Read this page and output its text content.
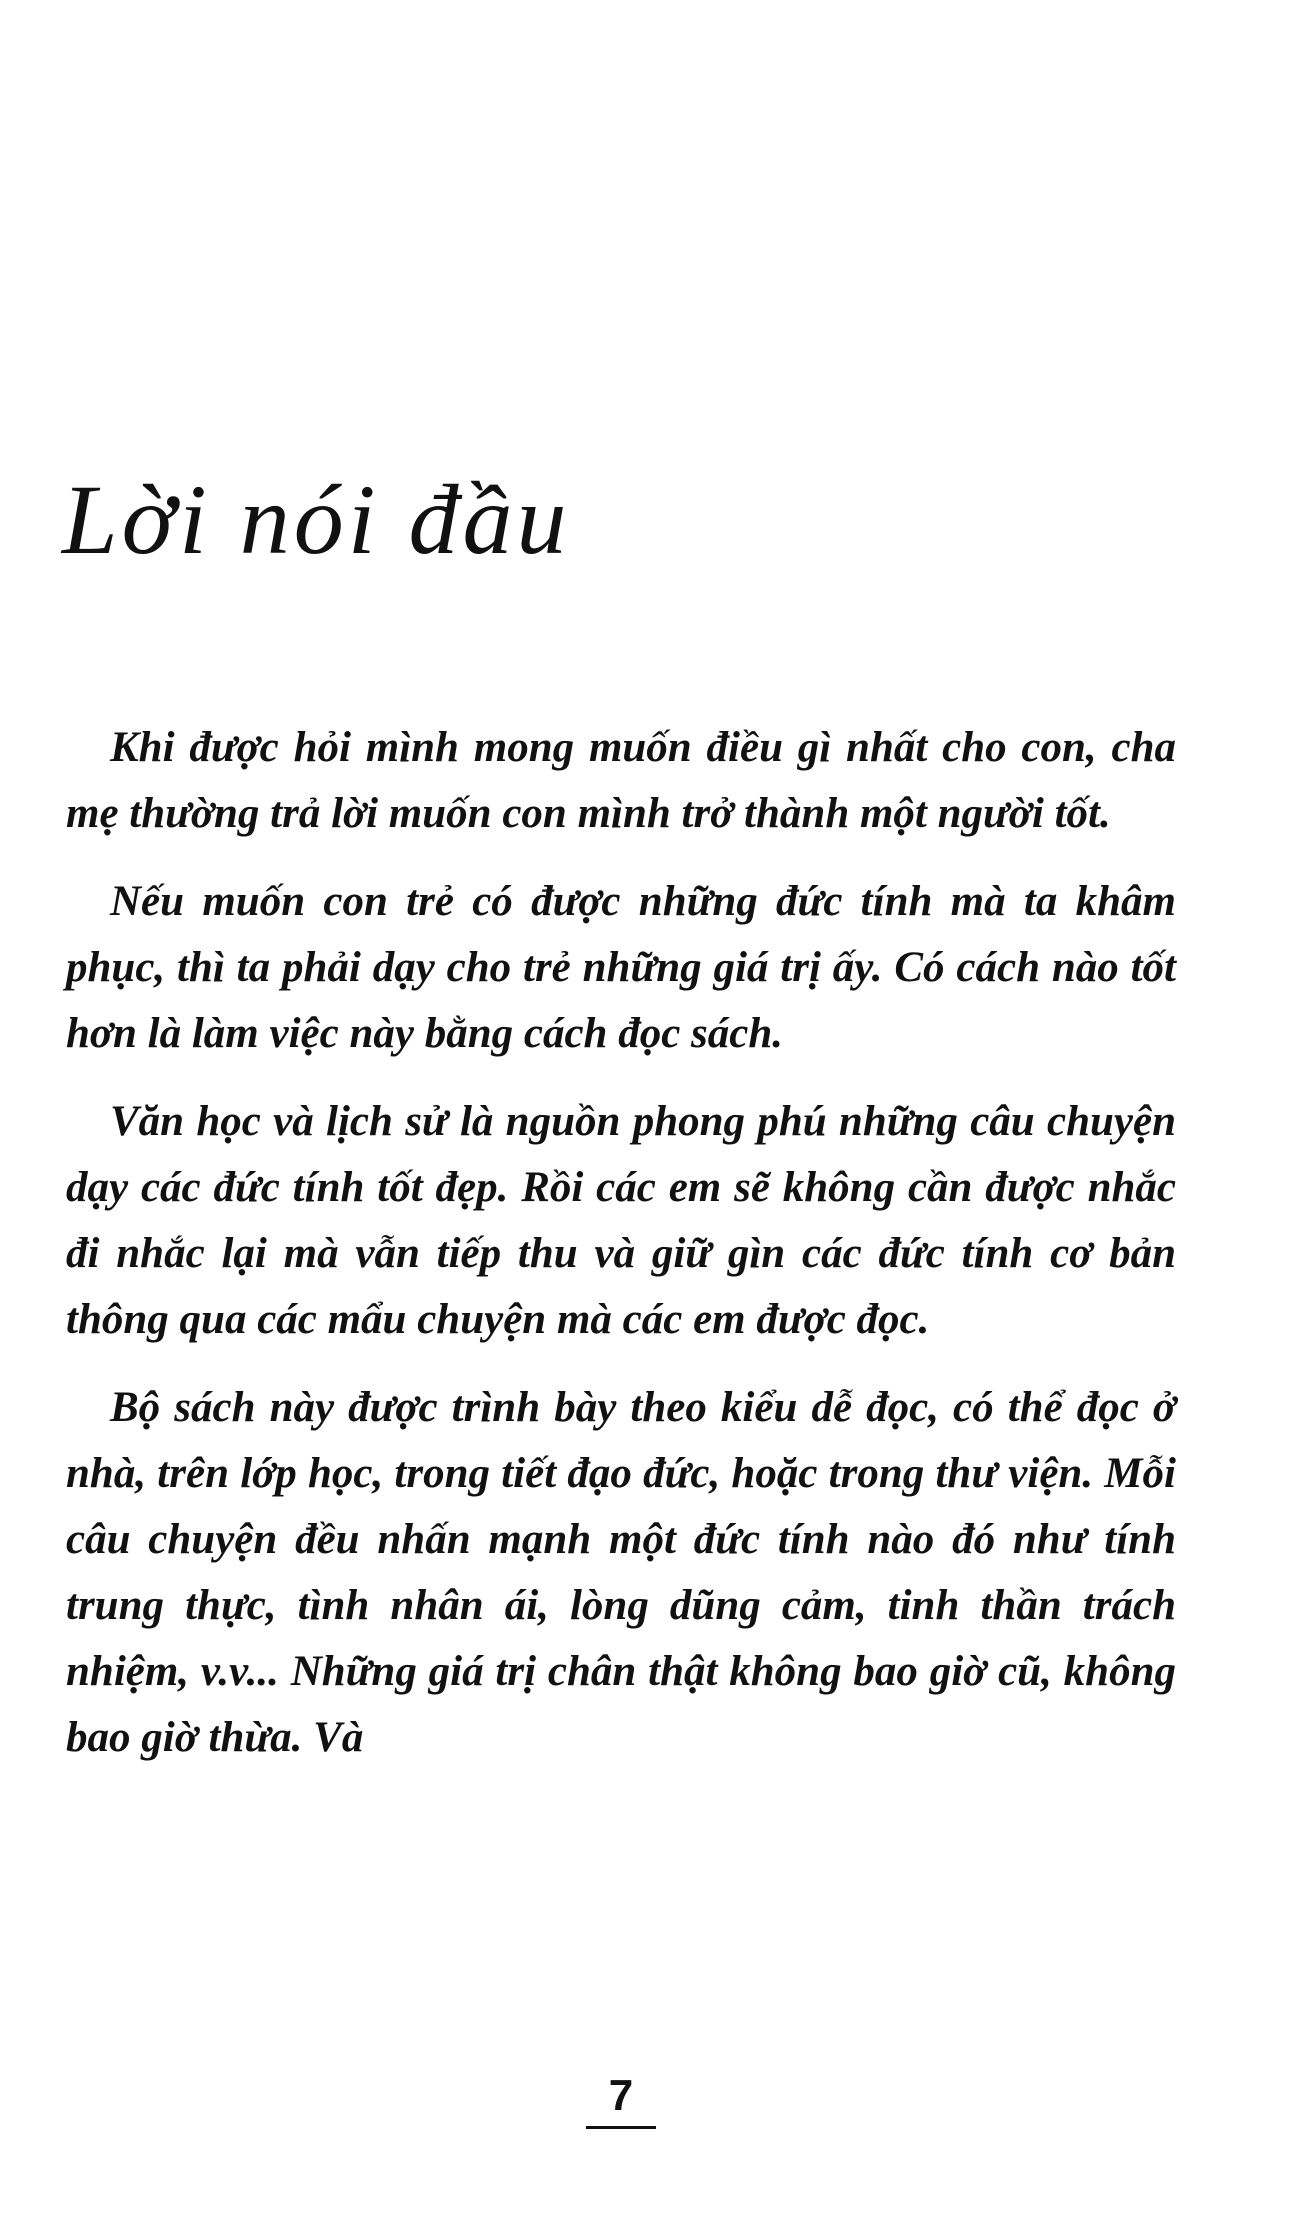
Lời nói đầu

Khi được hỏi mình mong muốn điều gì nhất cho con, cha mẹ thường trả lời muốn con mình trở thành một người tốt.

Nếu muốn con trẻ có được những đức tính mà ta khâm phục, thì ta phải dạy cho trẻ những giá trị ấy. Có cách nào tốt hơn là làm việc này bằng cách đọc sách.

Văn học và lịch sử là nguồn phong phú những câu chuyện dạy các đức tính tốt đẹp. Rồi các em sẽ không cần được nhắc đi nhắc lại mà vẫn tiếp thu và giữ gìn các đức tính cơ bản thông qua các mẩu chuyện mà các em được đọc.

Bộ sách này được trình bày theo kiểu dễ đọc, có thể đọc ở nhà, trên lớp học, trong tiết đạo đức, hoặc trong thư viện. Mỗi câu chuyện đều nhấn mạnh một đức tính nào đó như tính trung thực, tình nhân ái, lòng dũng cảm, tinh thần trách nhiệm, v.v... Những giá trị chân thật không bao giờ cũ, không bao giờ thừa. Và

7
